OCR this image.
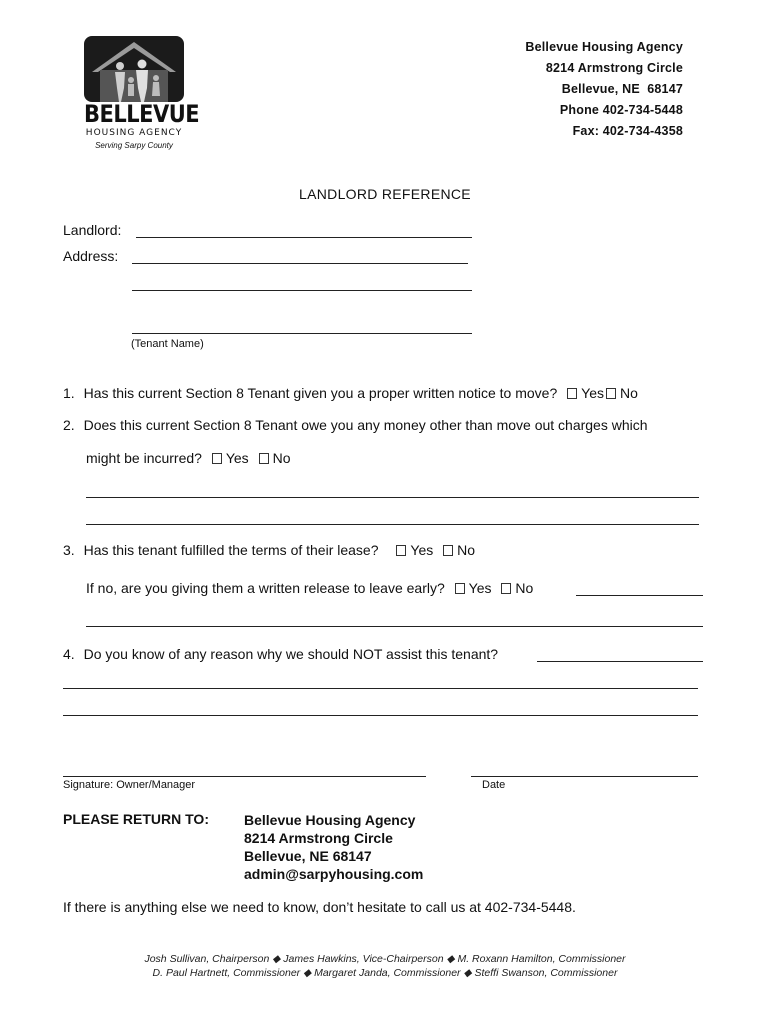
BELLEVUE
HOUSING AGENCY
Serving Sarpy County
Bellevue Housing Agency
8214 Armstrong Circle
Bellevue, NE  68147
Phone 402-734-5448
Fax: 402-734-4358
LANDLORD REFERENCE
Landlord:
Address:
(Tenant Name)
1. Has this current Section 8 Tenant given you a proper written notice to move? Yes No
2. Does this current Section 8 Tenant owe you any money other than move out charges which
might be incurred? Yes No
3. Has this tenant fulfilled the terms of their lease? Yes No
If no, are you giving them a written release to leave early? Yes No
4. Do you know of any reason why we should NOT assist this tenant?
Signature: Owner/Manager	Date
PLEASE RETURN TO:	Bellevue Housing Agency
8214 Armstrong Circle
Bellevue, NE 68147
admin@sarpyhousing.com
If there is anything else we need to know, don’t hesitate to call us at 402-734-5448.
Josh Sullivan, Chairperson ◆ James Hawkins, Vice-Chairperson ◆ M. Roxann Hamilton, Commissioner
D. Paul Hartnett, Commissioner ◆ Margaret Janda, Commissioner ◆ Steffi Swanson, Commissioner
